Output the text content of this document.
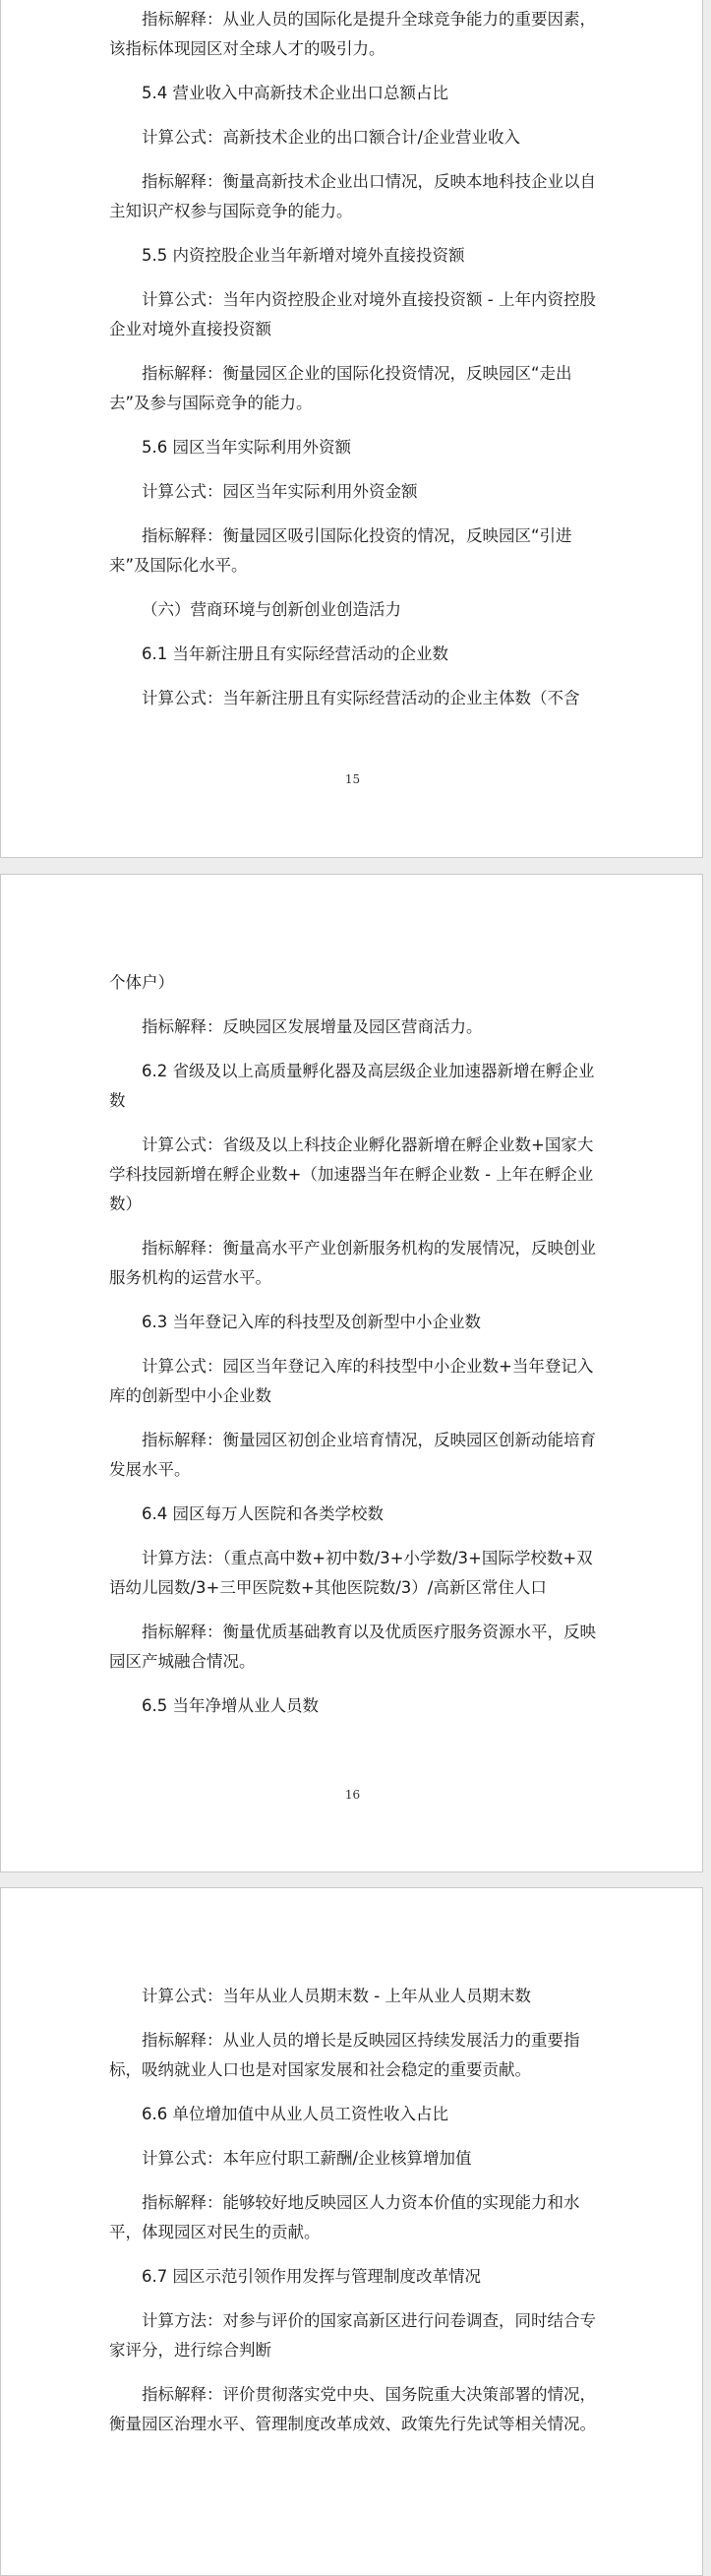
指标解释：从业人员的国际化是提升全球竞争能力的重要因素，该指标体现园区对全球人才的吸引力。

5.4 营业收入中高新技术企业出口总额占比

计算公式：高新技术企业的出口额合计/企业营业收入

指标解释：衡量高新技术企业出口情况，反映本地科技企业以自主知识产权参与国际竞争的能力。

5.5 内资控股企业当年新增对境外直接投资额

计算公式：当年内资控股企业对境外直接投资额 - 上年内资控股企业对境外直接投资额

指标解释：衡量园区企业的国际化投资情况，反映园区“走出去”及参与国际竞争的能力。

5.6 园区当年实际利用外资额

计算公式：园区当年实际利用外资金额

指标解释：衡量园区吸引国际化投资的情况，反映园区“引进来”及国际化水平。

（六）营商环境与创新创业创造活力

6.1 当年新注册且有实际经营活动的企业数

计算公式：当年新注册且有实际经营活动的企业主体数（不含

15

个体户）

指标解释：反映园区发展增量及园区营商活力。

6.2 省级及以上高质量孵化器及高层级企业加速器新增在孵企业数

计算公式：省级及以上科技企业孵化器新增在孵企业数+国家大学科技园新增在孵企业数+（加速器当年在孵企业数 - 上年在孵企业数）

指标解释：衡量高水平产业创新服务机构的发展情况，反映创业服务机构的运营水平。

6.3 当年登记入库的科技型及创新型中小企业数

计算公式：园区当年登记入库的科技型中小企业数+当年登记入库的创新型中小企业数

指标解释：衡量园区初创企业培育情况，反映园区创新动能培育发展水平。

6.4 园区每万人医院和各类学校数

计算方法：（重点高中数+初中数/3+小学数/3+国际学校数+双语幼儿园数/3+三甲医院数+其他医院数/3）/高新区常住人口

指标解释：衡量优质基础教育以及优质医疗服务资源水平，反映园区产城融合情况。

6.5 当年净增从业人员数

16

计算公式：当年从业人员期末数 - 上年从业人员期末数

指标解释：从业人员的增长是反映园区持续发展活力的重要指标，吸纳就业人口也是对国家发展和社会稳定的重要贡献。

6.6 单位增加值中从业人员工资性收入占比

计算公式：本年应付职工薪酬/企业核算增加值

指标解释：能够较好地反映园区人力资本价值的实现能力和水平，体现园区对民生的贡献。

6.7 园区示范引领作用发挥与管理制度改革情况

计算方法：对参与评价的国家高新区进行问卷调查，同时结合专家评分，进行综合判断

指标解释：评价贯彻落实党中央、国务院重大决策部署的情况，衡量园区治理水平、管理制度改革成效、政策先行先试等相关情况。
